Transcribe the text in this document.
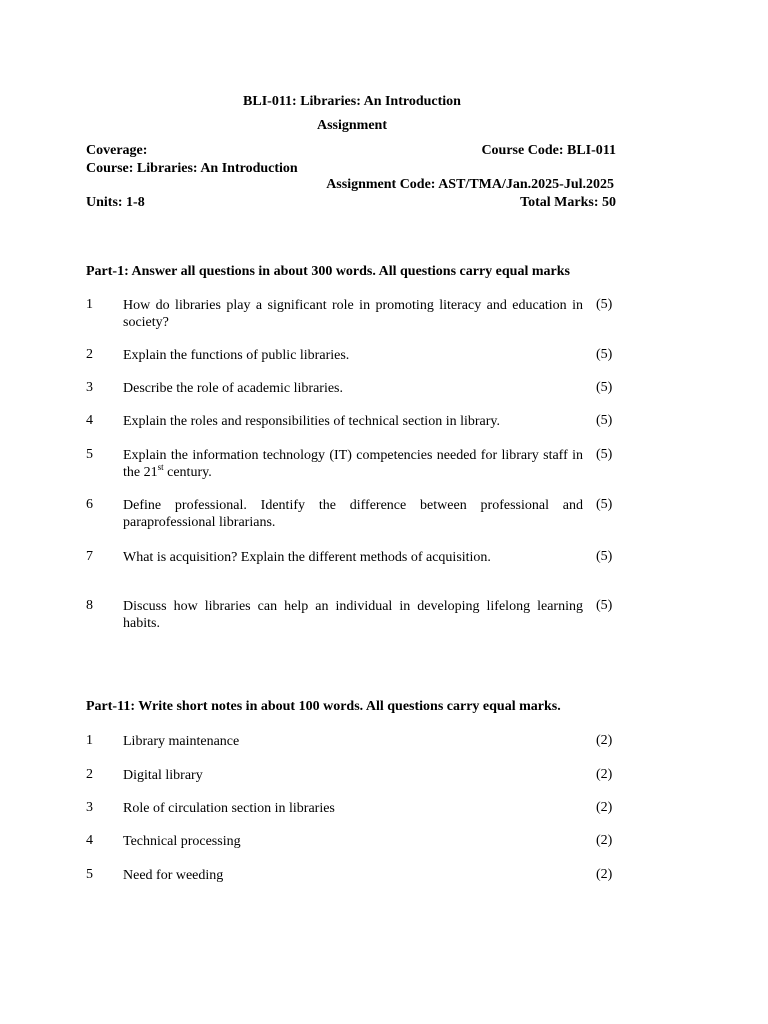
BLI-011: Libraries: An Introduction
Assignment
Coverage:	Course Code: BLI-011
Course: Libraries: An Introduction
Assignment Code: AST/TMA/Jan.2025-Jul.2025
Units: 1-8	Total Marks: 50
Part-1: Answer all questions in about 300 words. All questions carry equal marks
1 How do libraries play a significant role in promoting literacy and education in society?
(5)
2 Explain the functions of public libraries.	(5)
3 Describe the role of academic libraries.	(5)
4 Explain the roles and responsibilities of technical section in library.	(5)
5 Explain the information technology (IT) competencies needed for library staff in the 21st century.
(5)
6 Define professional. Identify the difference between professional and paraprofessional librarians.
(5)
7 What is acquisition? Explain the different methods of acquisition.	(5)
8 Discuss how libraries can help an individual in developing lifelong learning habits.
(5)
Part-11: Write short notes in about 100 words. All questions carry equal marks.
1 Library maintenance	(2)
2 Digital library	(2)
3 Role of circulation section in libraries	(2)
4 Technical processing	(2)
5 Need for weeding	(2)
